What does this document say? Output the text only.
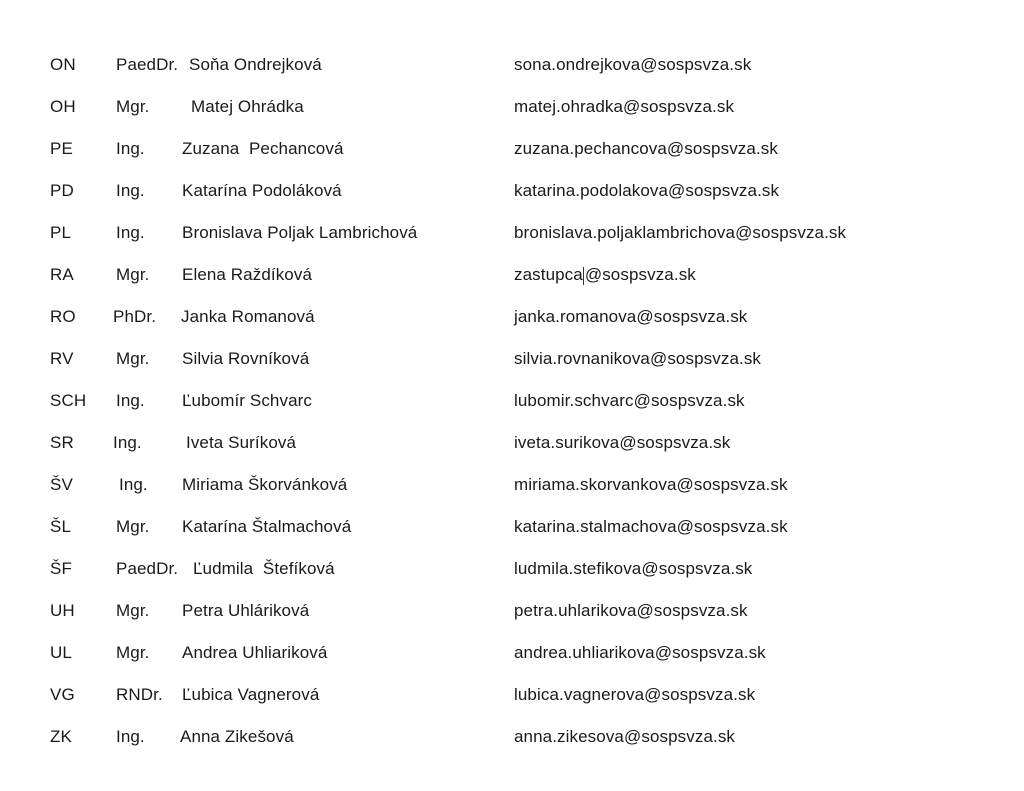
ON PaedDr. Soňa Ondrejková	sona.ondrejkova@sospsvza.sk
OH Mgr. Matej Ohrádka	matej.ohradka@sospsvza.sk
PE	Ing. Zuzana  Pechancová	zuzana.pechancova@sospsvza.sk
PD Ing. Katarína Podoláková	katarina.podolakova@sospsvza.sk
PL	Ing. Bronislava Poljak Lambrichová	bronislava.poljaklambrichova@sospsvza.sk
RA Mgr. Elena Raždíková	zastupca @sospsvza.sk
RO PhDr. Janka Romanová	janka.romanova@sospsvza.sk
RV Mgr. Silvia Rovníková	silvia.rovnanikova@sospsvza.sk
SCH Ing. Ľubomír Schvarc	lubomir.schvarc@sospsvza.sk
SR Ing.	Iveta Suríková	iveta.surikova@sospsvza.sk
ŠV	Ing. Miriama Škorvánková	miriama.skorvankova@sospsvza.sk
ŠL	Mgr. Katarína Štalmachová	katarina.stalmachova@sospsvza.sk
ŠF	PaedDr. Ľudmila  Štefíková	ludmila.stefikova@sospsvza.sk
UH Mgr. Petra Uhláriková	petra.uhlarikova@sospsvza.sk
UL	Mgr. Andrea Uhliariková	andrea.uhliarikova@sospsvza.sk
VG RNDr. Ľubica Vagnerová	lubica.vagnerova@sospsvza.sk
ZK	Ing. Anna Zikešová	anna.zikesova@sospsvza.sk
